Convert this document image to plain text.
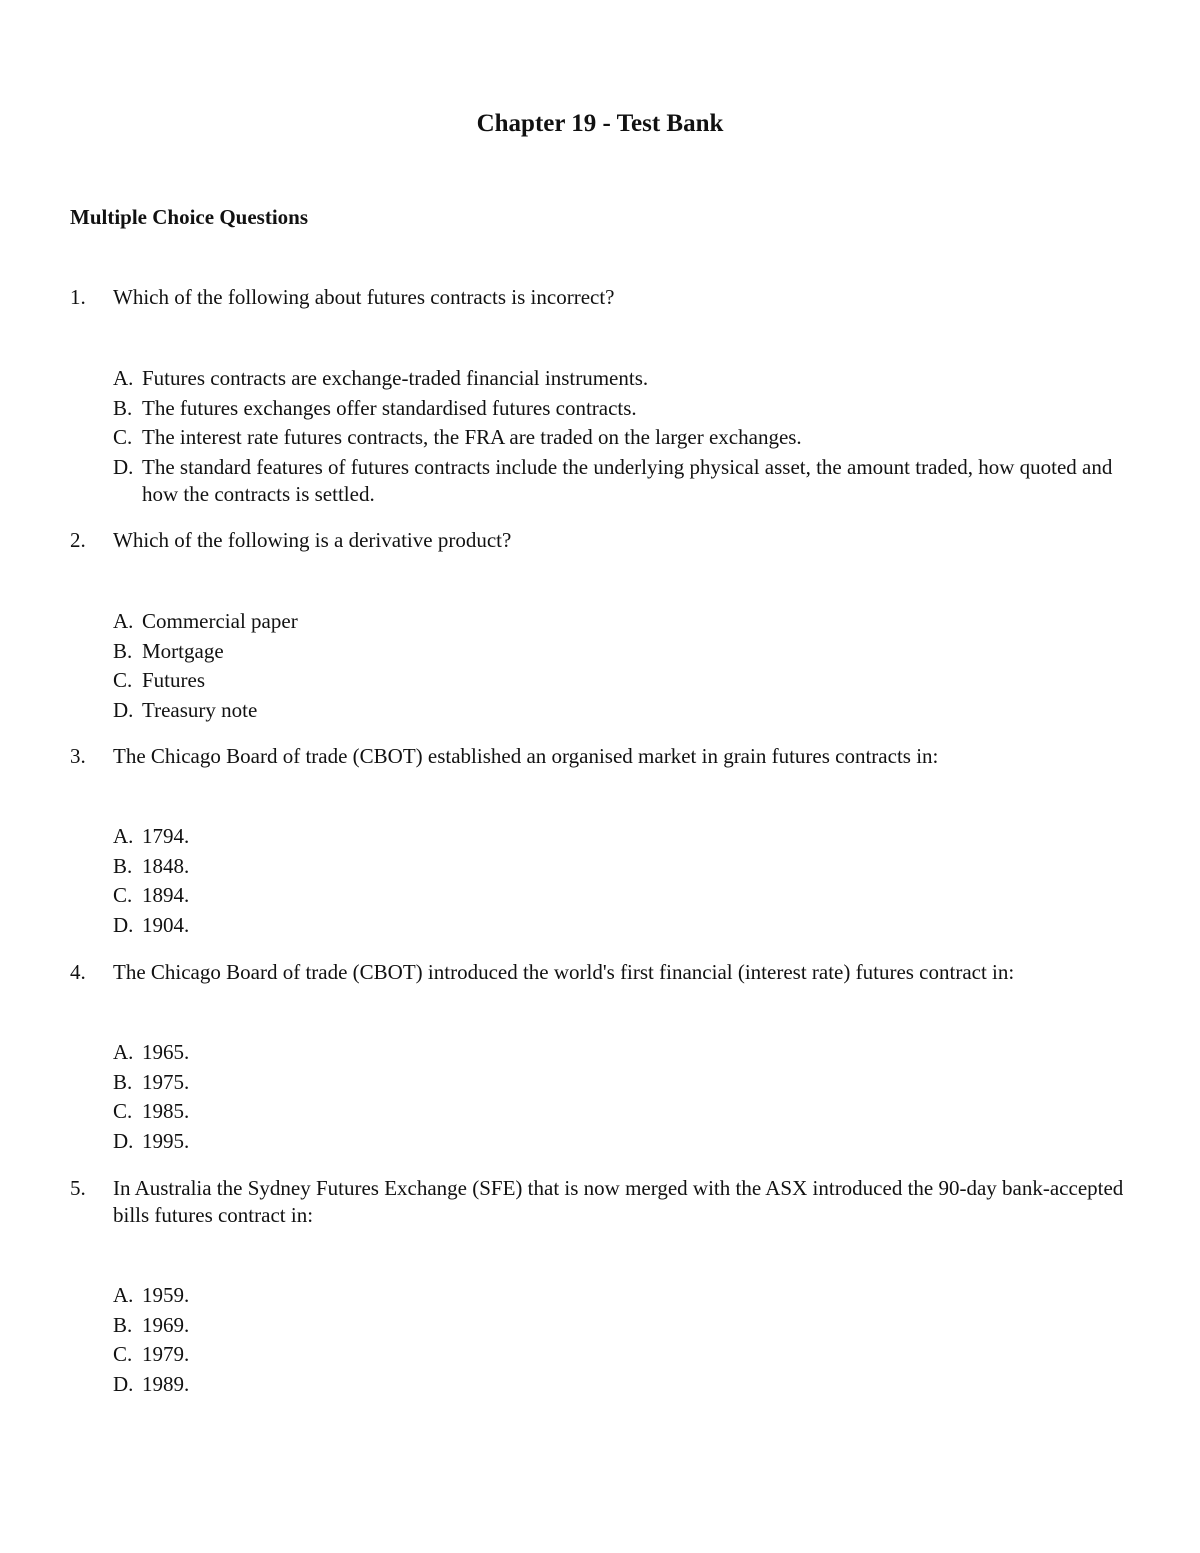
Chapter 19 - Test Bank
Multiple Choice Questions
1.	Which of the following about futures contracts is incorrect?
A. Futures contracts are exchange-traded financial instruments.
B. The futures exchanges offer standardised futures contracts.
C. The interest rate futures contracts, the FRA are traded on the larger exchanges.
D. The standard features of futures contracts include the underlying physical asset, the amount traded, how quoted and how the contracts is settled.
2.	Which of the following is a derivative product?
A. Commercial paper
B. Mortgage
C. Futures
D. Treasury note
3.	The Chicago Board of trade (CBOT) established an organised market in grain futures contracts in:
A. 1794.
B. 1848.
C. 1894.
D. 1904.
4.	The Chicago Board of trade (CBOT) introduced the world's first financial (interest rate) futures contract in:
A. 1965.
B. 1975.
C. 1985.
D. 1995.
5.	In Australia the Sydney Futures Exchange (SFE) that is now merged with the ASX introduced the 90-day bank-accepted bills futures contract in:
A. 1959.
B. 1969.
C. 1979.
D. 1989.
